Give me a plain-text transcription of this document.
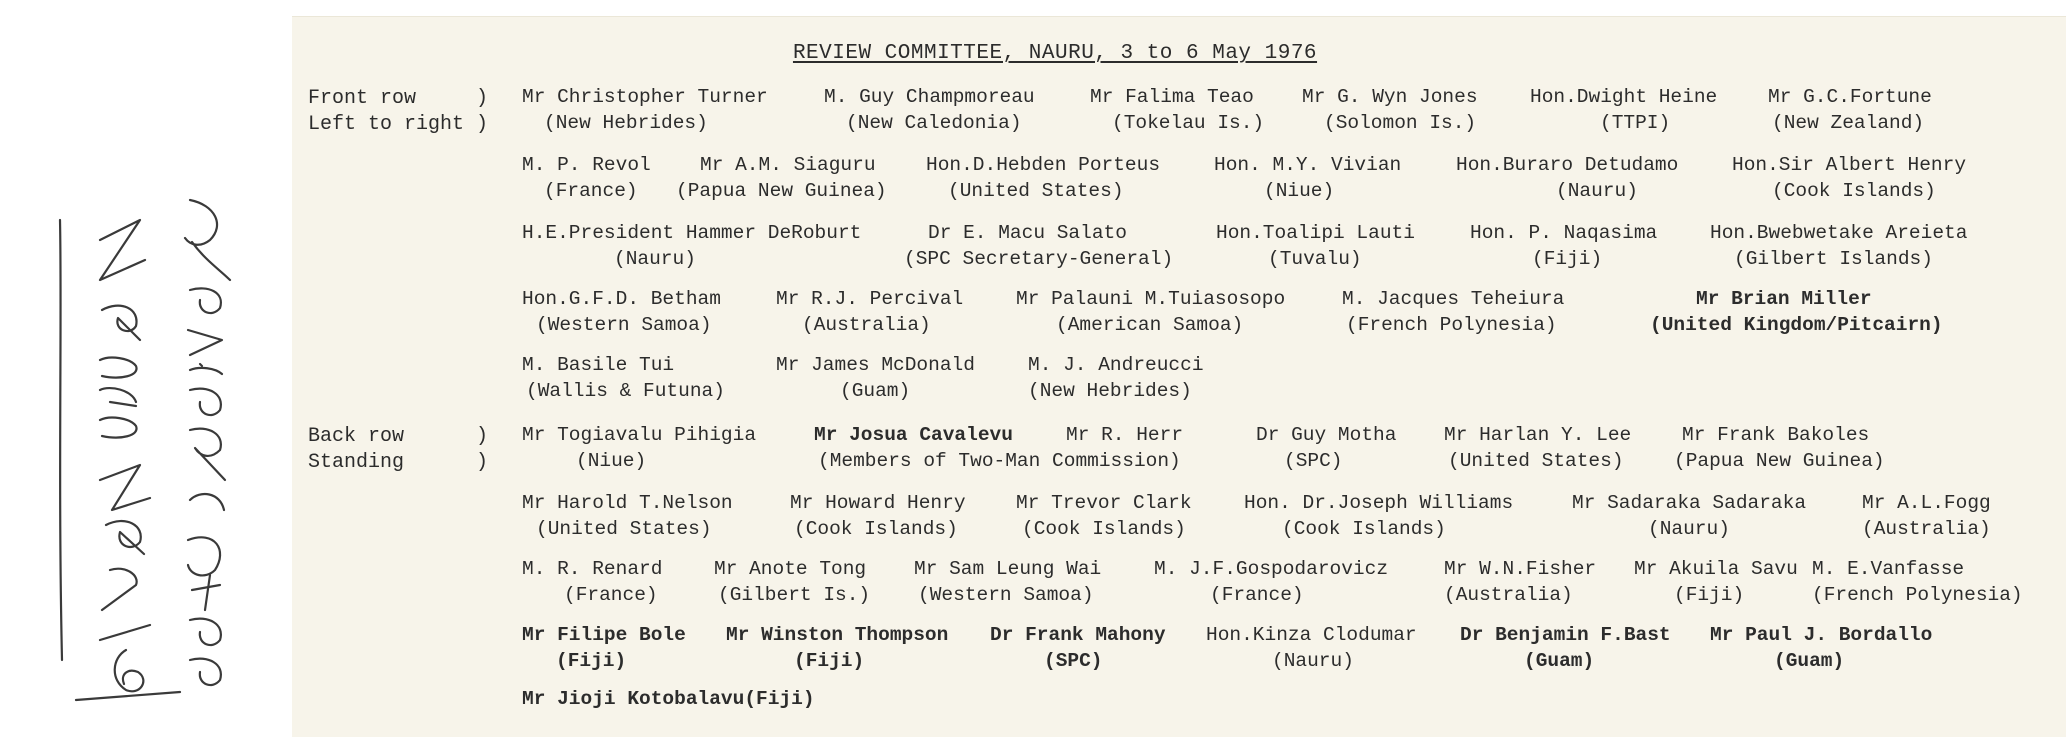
REVIEW COMMITTEE, NAURU, 3 to 6 May 1976
Front row
Left to right
)
)
Back row
Standing
)
)
Mr Christopher Turner
(New Hebrides)
M. Guy Champmoreau
(New Caledonia)
Mr Falima Teao
(Tokelau Is.)
Mr G. Wyn Jones
(Solomon Is.)
Hon.Dwight Heine
(TTPI)
Mr G.C.Fortune
(New Zealand)
M. P. Revol
(France)
Mr A.M. Siaguru
(Papua New Guinea)
Hon.D.Hebden Porteus
(United States)
Hon. M.Y. Vivian
(Niue)
Hon.Buraro Detudamo
(Nauru)
Hon.Sir Albert Henry
(Cook Islands)
H.E.President Hammer DeRoburt
(Nauru)
Dr E. Macu Salato
(SPC Secretary-General)
Hon.Toalipi Lauti
(Tuvalu)
Hon. P. Naqasima
(Fiji)
Hon.Bwebwetake Areieta
(Gilbert Islands)
Hon.G.F.D. Betham
(Western Samoa)
Mr R.J. Percival
(Australia)
Mr Palauni M.Tuiasosopo
(American Samoa)
M. Jacques Teheiura
(French Polynesia)
Mr Brian Miller
(United Kingdom/Pitcairn)
M. Basile Tui
(Wallis & Futuna)
Mr James McDonald
(Guam)
M. J. Andreucci
(New Hebrides)
Mr Togiavalu Pihigia
(Niue)
Mr Josua Cavalevu
(Members of Two-Man Commission)
Mr R. Herr	Dr Guy Motha
(SPC)
Mr Harlan Y. Lee
(United States)
Mr Frank Bakoles
(Papua New Guinea)
Mr Harold T.Nelson
(United States)
Mr Howard Henry
(Cook Islands)
Mr Trevor Clark
(Cook Islands)
Hon. Dr.Joseph Williams
(Cook Islands)
Mr Sadaraka Sadaraka
(Nauru)
Mr A.L.Fogg
(Australia)
M. R. Renard
(France)
Mr Anote Tong
(Gilbert Is.)
Mr Sam Leung Wai
(Western Samoa)
M. J.F.Gospodarovicz
(France)
Mr W.N.Fisher
(Australia)
Mr Akuila Savu
(Fiji)
M. E.Vanfasse
(French Polynesia)
Mr Filipe Bole
(Fiji)
Mr Winston Thompson
(Fiji)
Dr Frank Mahony
(SPC)
Hon.Kinza Clodumar
(Nauru)
Dr Benjamin F.Bast
(Guam)
Mr Paul J. Bordallo
(Guam)
Mr Jioji Kotobalavu(Fiji)
